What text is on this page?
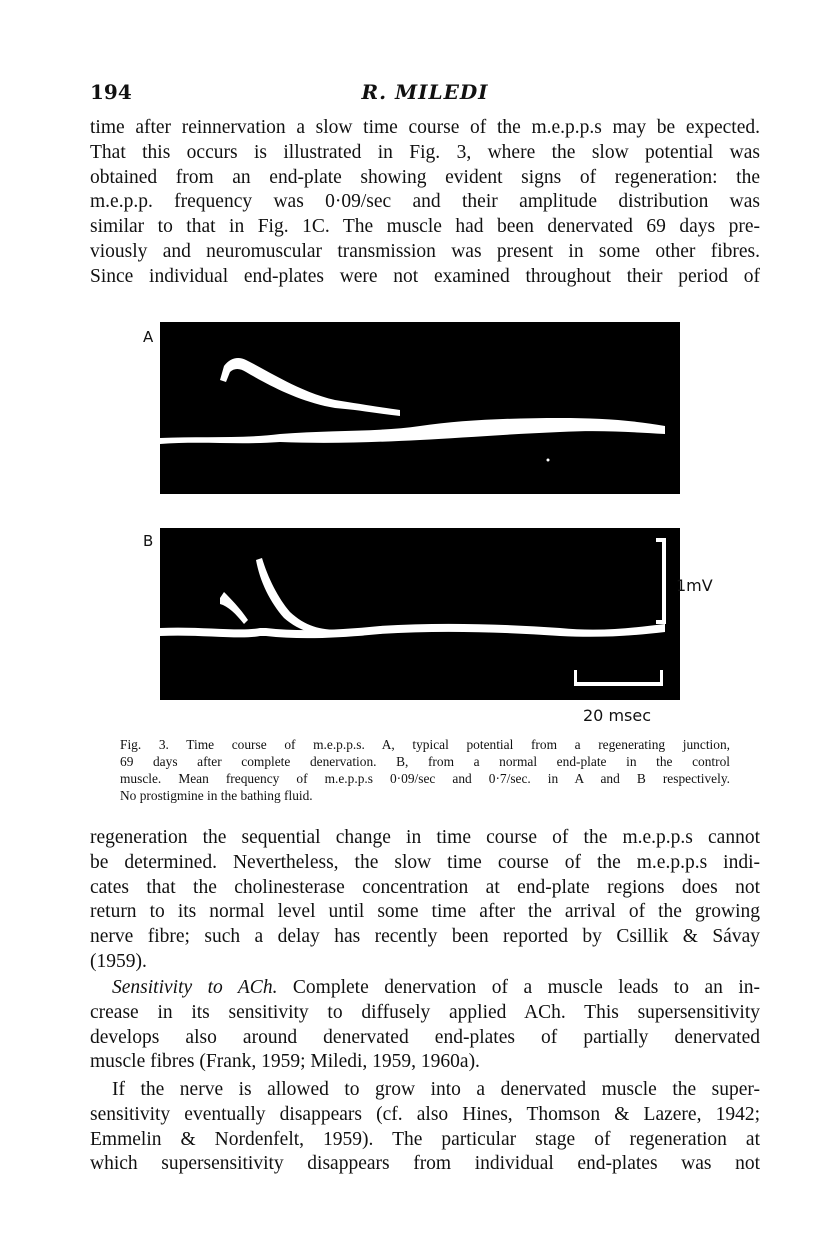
194	R. MILEDI
time after reinnervation a slow time course of the m.e.p.p.s may be expected.
That this occurs is illustrated in Fig. 3, where the slow potential was
obtained from an end-plate showing evident signs of regeneration: the
m.e.p.p. frequency was 0·09/sec and their amplitude distribution was
similar to that in Fig. 1C. The muscle had been denervated 69 days pre-
viously and neuromuscular transmission was present in some other fibres.
Since individual end-plates were not examined throughout their period of
A
B
1mV
20 msec
Fig. 3. Time course of m.e.p.p.s. A, typical potential from a regenerating junction,
69 days after complete denervation. B, from a normal end-plate in the control
muscle. Mean frequency of m.e.p.p.s 0·09/sec and 0·7/sec. in A and B respectively.
No prostigmine in the bathing fluid.
regeneration the sequential change in time course of the m.e.p.p.s cannot
be determined. Nevertheless, the slow time course of the m.e.p.p.s indi-
cates that the cholinesterase concentration at end-plate regions does not
return to its normal level until some time after the arrival of the growing
nerve fibre; such a delay has recently been reported by Csillik & Sávay
(1959).
Sensitivity to ACh. Complete denervation of a muscle leads to an in-
crease in its sensitivity to diffusely applied ACh. This supersensitivity
develops also around denervated end-plates of partially denervated
muscle fibres (Frank, 1959; Miledi, 1959, 1960a).
If the nerve is allowed to grow into a denervated muscle the super-
sensitivity eventually disappears (cf. also Hines, Thomson & Lazere, 1942;
Emmelin & Nordenfelt, 1959). The particular stage of regeneration at
which supersensitivity disappears from individual end-plates was not
